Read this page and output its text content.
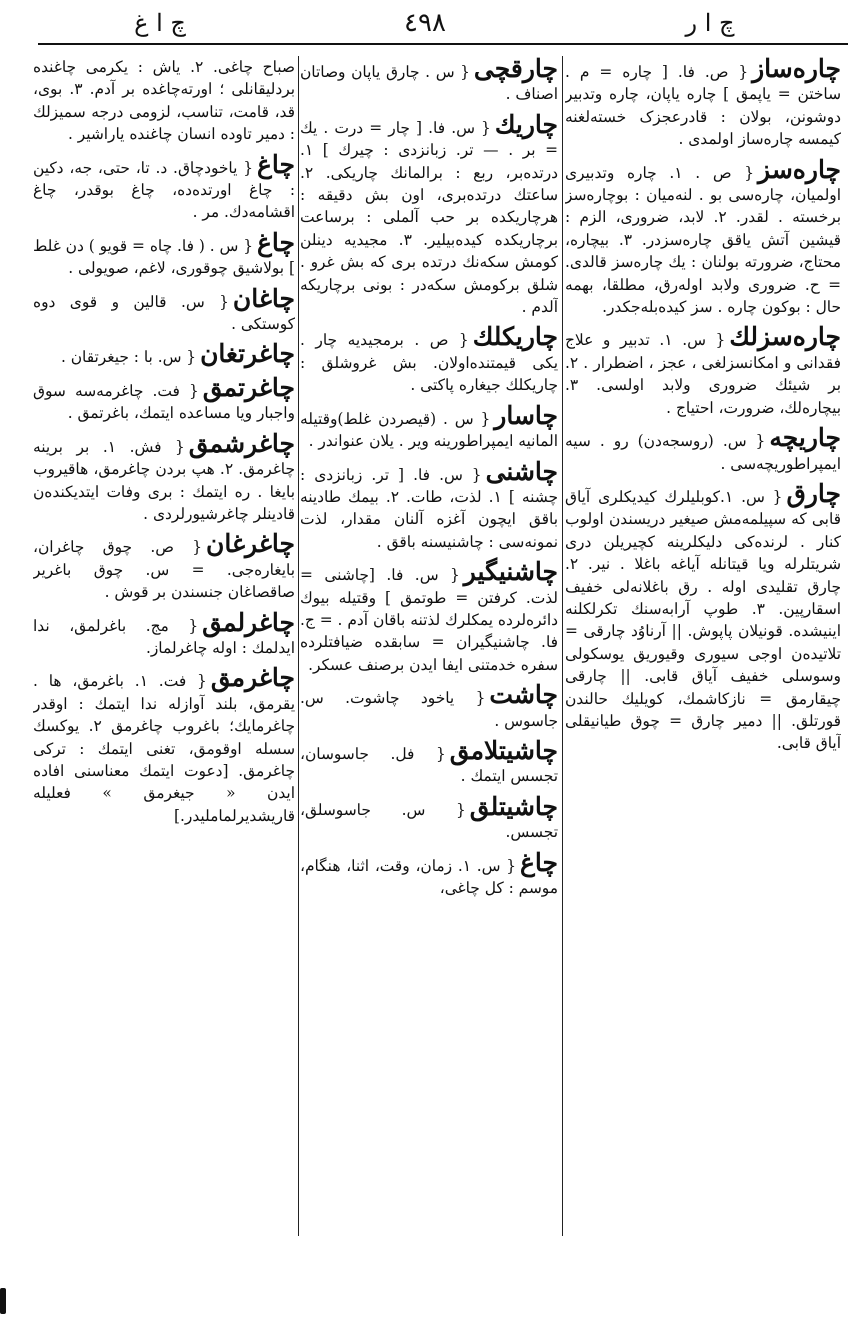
چ ا ر
٤٩٨
چ ا غ
چاره‌ساز{ ص. فا. [ چاره = م . ساختن = یاپمق ] چاره یاپان، چاره وتدبیر دوشونن، بولان : قادرعجزک خسته‌لغنه کیمسه چاره‌ساز اولمدی .
چاره‌سز{ ص . ۱. چاره وتدبیری اولمیان، چاره‌سی بو . لنه‌میان : بوچاره‌سز برخسته . لقدر. ۲. لابد، ضروری، الزم : قیشین آتش یاقق چاره‌سزدر. ۳. بیچاره، محتاج، ضرورته بولنان : یك چاره‌سز قالدی. = ح. ضروری ولابد اوله‌رق، مطلقا، بهمه حال : بوکون چاره . سز کیده‌بله‌جکدر.
چاره‌سزلك{ س. ۱. تدبیر و علاج فقدانی و امکانسزلغی ، عجز ، اضطرار . ۲. بر شیئك ضروری ولابد اولسی. ۳. بیچاره‌لك، ضرورت، احتیاج .
چاریچه{ س. (روسجه‌دن) رو . سیه ایمپراطوریچه‌سی .
چارق{ س. ۱.کوبلیلرك کیدیکلری آیاق قابی که سپیلمه‌مش صیغیر دریسندن اولوب کنار . لرنده‌کی دلیکلرینه کچیریلن دری شریتلرله ویا قیتانله آیاغه باغلا . نیر. ۲. چارق تقلیدی اوله . رق باغلانه‌لی خفیف اسقارپین. ۳. طوپ آرابه‌سنك تکرلکلنه اینیشده. قونیلان پاپوش. || آرناوُد چارقی = تلاتیده‌ن اوجی سیوری وقیوریق یوسکولی وسوسلی خفیف آیاق قابی. || چارقی چیقارمق = نازکاشمك، کویلیك حالندن قورتلق. || دمیر چارق = چوق طیانیقلی آیاق قابی.
چارقچی{ س . چارق یاپان وصاتان اصناف .
چاریك{ س. فا. [ چار = درت . یك = بر . — تر. زبانزدی : چیرك ] ۱. درتده‌بر، ربع : برالمانك چاریکی. ۲. ساعتك درتده‌بری، اون بش دقیقه : هرچاریکده بر حب آلملی : برساعت برچاریکده کیده‌بیلیر. ۳. مجیدیه دینلن کومش سکه‌نك درتده بری که بش غرو . شلق برکومش سکه‌در : بونی برچاریکه آلدم .
چاریکلك{ ص . برمجیدیه چار . یکی قیمتنده‌اولان. بش غروشلق : چاریکلك جیغاره پاکتی .
چاسار{ س . (قیصردن غلط)وقتیله المانیه ایمپراطورینه ویر . یلان عنواندر .
چاشنی{ س. فا. [ تر. زبانزدی : چشنه ] ۱. لذت، طات. ۲. بیمك طادینه باقق ایچون آغزه آلنان مقدار، لذت نمونه‌سی : چاشنیسنه باقق .
چاشنیگیر{ س. فا. [چاشنی = لذت. کرفتن = طوتمق ] وقتیله بیوك دائره‌لرده یمکلرك لذتنه باقان آدم . = ج. فا. چاشنیگیران = سابقده ضیافتلرده سفره خدمتنی ایفا ایدن برصنف عسکر.
چاشت{ یاخود چاشوت. س. جاسوس .
چاشیتلامق{ فل. جاسوسان، تجسس ایتمك .
چاشیتلق{ س. جاسوسلق، تجسس.
چاغ{ س. ۱. زمان، وقت، اثنا، هنگام، موسم : کل چاغی،
صباح چاغی. ۲. یاش : یکرمی چاغنده بردلیقانلی ؛ اورته‌چاغده بر آدم. ۳. بوی، قد، قامت، تناسب، لزومی درجه سمیزلك : دمیر تاوده انسان چاغنده یاراشیر .
چاغ{ یاخودچاق. د. تا، حتی، جه، دکین : چاغ اورتده‌ده، چاغ بوقدر، چاغ اقشامه‌دك. مر .
چاغ{ س . ( فا. چاه = قویو ) دن غلط ] بولاشیق چوقوری، لاغم، صویولی .
چاغان{ س. قالین و قوی دوه کوستکی .
چاغرتغان{ س. با : جیغرتقان .
چاغرتمق{ فت. چاغرمه‌سه سوق واجبار ویا مساعده ایتمك، باغرتمق .
چاغرشمق{ فش. ۱. بر برینه چاغرمق. ۲. هپ بردن چاغرمق، هاقیروب بایغا . ره ایتمك : بری وفات ایتدیکنده‌ن قادینلر چاغرشیورلردی .
چاغرغان{ ص. چوق چاغران، بایغاره‌جی. = س. چوق باغریر صاقصاغان جنسندن بر قوش .
چاغرلمق{ مج. باغرلمق، ندا ایدلمك : اوله چاغرلماز.
چاغرمق{ فت. ۱. باغرمق، ها . یقرمق، بلند آوازله ندا ایتمك : اوقدر چاغرمایك؛ باغروب چاغرمق ۲. یوکسك سسله اوقومق، تغنی ایتمك : ترکی چاغرمق. [دعوت ایتمك معناسنی افاده ایدن « جیغرمق » فعلیله قاریشدیرلمامليدر.]
